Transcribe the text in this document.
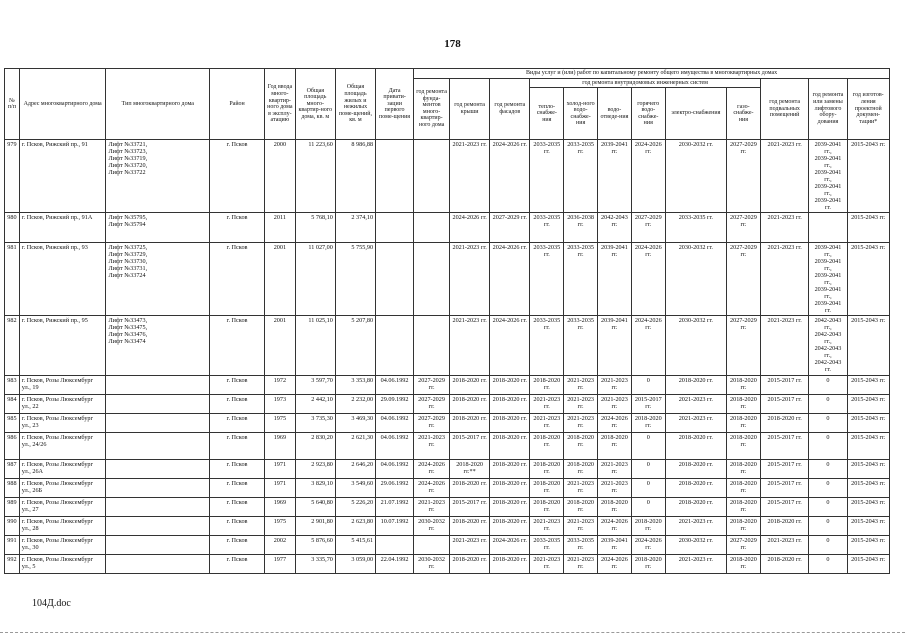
178
№ п/п	Адрес многоквартирного дома	Тип многоквартирного дома	Район	Год ввода много-квартир-ного дома в эксплу-атацию	Общая площадь много-квартир-ного дома, кв. м	Общая площадь жилых и нежилых поме-щений, кв. м	Дата привати-зации первого поме-щения	Виды услуг и (или) работ по капитальному ремонту общего имущества в многоквартирных домах											
								год ремонта фунда-ментов много-квартир-ного дома	год ремонта крыши	год ремонта фасадов	год ремонта внутридомовых инженерных систем						год ремонта подвальных помещений	год ремонта или замены лифтового обору-дования	год изготов-ления проектной докумен-тации*
											тепло-снабже-ния	холод-ного водо-снабже-ния	водо-отведе-ния	горячего водо-снабже-ния	электро-снабжения	газо-снабже-ния			
979	г. Псков, Рижский пр., 91	Лифт №33721,
Лифт №33723,
Лифт №33719,
Лифт №33720,
Лифт №33722	г. Псков	2000	11 223,60	8 986,88			2021-2023 гг.	2024-2026 гг.	2033-2035 гг.	2033-2035 гг.	2039-2041 гг.	2024-2026 гг.	2030-2032 гг.	2027-2029 гг.	2021-2023 гг.	2039-2041 гг.,
2039-2041 гг.,
2039-2041 гг.,
2039-2041 гг.,
2039-2041 гг.	2015-2043 гг.
980	г. Псков, Рижский пр., 91А	Лифт №35795,
Лифт №35794	г. Псков	2011	5 768,10	2 374,10			2024-2026 гг.	2027-2029 гг.	2033-2035 гг.	2036-2038 гг.	2042-2043 гг.	2027-2029 гг.	2033-2035 гг.	2027-2029 гг.	2021-2023 гг.		2015-2043 гг.
981	г. Псков, Рижский пр., 93	Лифт №33725,
Лифт №33729,
Лифт №33730,
Лифт №33731,
Лифт №33724	г. Псков	2001	11 027,00	5 755,90			2021-2023 гг.	2024-2026 гг.	2033-2035 гг.	2033-2035 гг.	2039-2041 гг.	2024-2026 гг.	2030-2032 гг.	2027-2029 гг.	2021-2023 гг.	2039-2041 гг.,
2039-2041 гг.,
2039-2041 гг.,
2039-2041 гг.,
2039-2041 гг.	2015-2043 гг.
982	г. Псков, Рижский пр., 95	Лифт №33473,
Лифт №33475,
Лифт №33476,
Лифт №33474	г. Псков	2001	11 025,10	5 207,80			2021-2023 гг.	2024-2026 гг.	2033-2035 гг.	2033-2035 гг.	2039-2041 гг.	2024-2026 гг.	2030-2032 гг.	2027-2029 гг.	2021-2023 гг.	2042-2043 гг.,
2042-2043 гг.,
2042-2043 гг.,
2042-2043 гг.	2015-2043 гг.
983	г. Псков, Розы Люксембург ул., 19		г. Псков	1972	3 597,70	3 353,80	04.06.1992	2027-2029 гг.	2018-2020 гг.	2018-2020 гг.	2018-2020 гг.	2021-2023 гг.	2021-2023 гг.	0	2018-2020 гг.	2018-2020 гг.	2015-2017 гг.	0	2015-2043 гг.
984	г. Псков, Розы Люксембург ул., 22		г. Псков	1973	2 442,10	2 232,00	29.09.1992	2027-2029 гг.	2018-2020 гг.	2018-2020 гг.	2021-2023 гг.	2021-2023 гг.	2021-2023 гг.	2015-2017 гг.	2021-2023 гг.	2018-2020 гг.	2015-2017 гг.	0	2015-2043 гг.
985	г. Псков, Розы Люксембург ул., 23		г. Псков	1975	3 735,30	3 469,30	04.06.1992	2027-2029 гг.	2018-2020 гг.	2018-2020 гг.	2021-2023 гг.	2021-2023 гг.	2024-2026 гг.	2018-2020 гг.	2021-2023 гг.	2018-2020 гг.	2018-2020 гг.	0	2015-2043 гг.
986	г. Псков, Розы Люксембург ул., 24/26		г. Псков	1969	2 830,20	2 621,30	04.06.1992	2021-2023 гг.	2015-2017 гг.	2018-2020 гг.	2018-2020 гг.	2018-2020 гг.	2018-2020 гг.	0	2018-2020 гг.	2018-2020 гг.	2015-2017 гг.	0	2015-2043 гг.
987	г. Псков, Розы Люксембург ул., 26А		г. Псков	1971	2 923,80	2 646,20	04.06.1992	2024-2026 гг.	2018-2020 гг.**	2018-2020 гг.	2018-2020 гг.	2018-2020 гг.	2021-2023 гг.	0	2018-2020 гг.	2018-2020 гг.	2015-2017 гг.	0	2015-2043 гг.
988	г. Псков, Розы Люксембург ул., 26Б		г. Псков	1971	3 829,10	3 549,60	29.06.1992	2024-2026 гг.	2018-2020 гг.	2018-2020 гг.	2018-2020 гг.	2021-2023 гг.	2021-2023 гг.	0	2018-2020 гг.	2018-2020 гг.	2015-2017 гг.	0	2015-2043 гг.
989	г. Псков, Розы Люксембург ул., 27		г. Псков	1969	5 640,80	5 226,20	21.07.1992	2021-2023 гг.	2015-2017 гг.	2018-2020 гг.	2018-2020 гг.	2018-2020 гг.	2018-2020 гг.	0	2018-2020 гг.	2018-2020 гг.	2015-2017 гг.	0	2015-2043 гг.
990	г. Псков, Розы Люксембург ул., 28		г. Псков	1975	2 901,80	2 623,80	10.07.1992	2030-2032 гг.	2018-2020 гг.	2018-2020 гг.	2021-2023 гг.	2021-2023 гг.	2024-2026 гг.	2018-2020 гг.	2021-2023 гг.	2018-2020 гг.	2018-2020 гг.	0	2015-2043 гг.
991	г. Псков, Розы Люксембург ул., 30		г. Псков	2002	5 876,60	5 415,61			2021-2023 гг.	2024-2026 гг.	2033-2035 гг.	2033-2035 гг.	2039-2041 гг.	2024-2026 гг.	2030-2032 гг.	2027-2029 гг.	2021-2023 гг.	0	2015-2043 гг.
992	г. Псков, Розы Люксембург ул., 5		г. Псков	1977	3 335,70	3 059,00	22.04.1992	2030-2032 гг.	2018-2020 гг.	2018-2020 гг.	2021-2023 гг.	2021-2023 гг.	2024-2026 гг.	2018-2020 гг.	2021-2023 гг.	2018-2020 гг.	2018-2020 гг.	0	2015-2043 гг.
104Д.doc
